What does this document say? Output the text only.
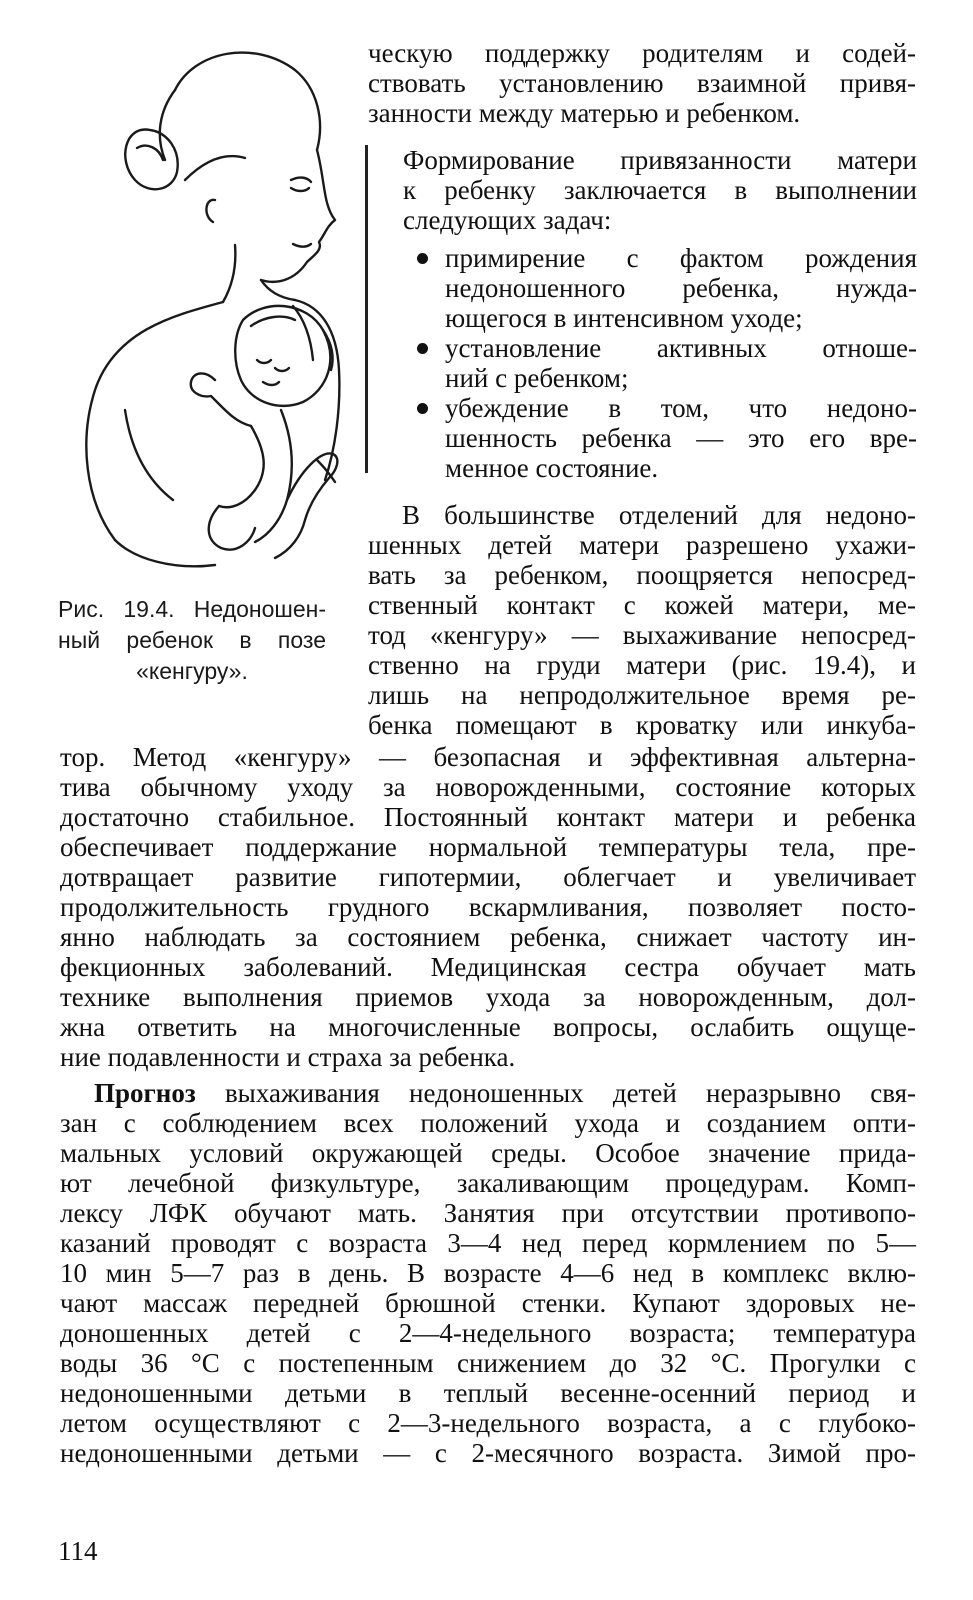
Рис. 19.4. Недоношен-
ный ребенок в позе
«кенгуру».
ческую поддержку родителям и содей-
ствовать установлению взаимной привя-
занности между матерью и ребенком.
Формирование привязанности матери
к ребенку заключается в выполнении
следующих задач:
примирение с фактом рождения
недоношенного ребенка, нужда-
ющегося в интенсивном уходе;
установление активных отноше-
ний с ребенком;
убеждение в том, что недоно-
шенность ребенка — это его вре-
менное состояние.
В большинстве отделений для недоно-
шенных детей матери разрешено ухажи-
вать за ребенком, поощряется непосред-
ственный контакт с кожей матери, ме-
тод «кенгуру» — выхаживание непосред-
ственно на груди матери (рис. 19.4), и
лишь на непродолжительное время ре-
бенка помещают в кроватку или инкуба-
тор. Метод «кенгуру» — безопасная и эффективная альтерна-
тива обычному уходу за новорожденными, состояние которых
достаточно стабильное. Постоянный контакт матери и ребенка
обеспечивает поддержание нормальной температуры тела, пре-
дотвращает развитие гипотермии, облегчает и увеличивает
продолжительность грудного вскармливания, позволяет посто-
янно наблюдать за состоянием ребенка, снижает частоту ин-
фекционных заболеваний. Медицинская сестра обучает мать
технике выполнения приемов ухода за новорожденным, дол-
жна ответить на многочисленные вопросы, ослабить ощуще-
ние подавленности и страха за ребенка.
Прогноз выхаживания недоношенных детей неразрывно свя-
зан с соблюдением всех положений ухода и созданием опти-
мальных условий окружающей среды. Особое значение прида-
ют лечебной физкультуре, закаливающим процедурам. Комп-
лексу ЛФК обучают мать. Занятия при отсутствии противопо-
казаний проводят с возраста 3—4 нед перед кормлением по 5—
10 мин 5—7 раз в день. В возрасте 4—6 нед в комплекс вклю-
чают массаж передней брюшной стенки. Купают здоровых не-
доношенных детей с 2—4-недельного возраста; температура
воды 36 °С с постепенным снижением до 32 °С. Прогулки с
недоношенными детьми в теплый весенне-осенний период и
летом осуществляют с 2—3-недельного возраста, а с глубоко-
недоношенными детьми — с 2-месячного возраста. Зимой про-
114
